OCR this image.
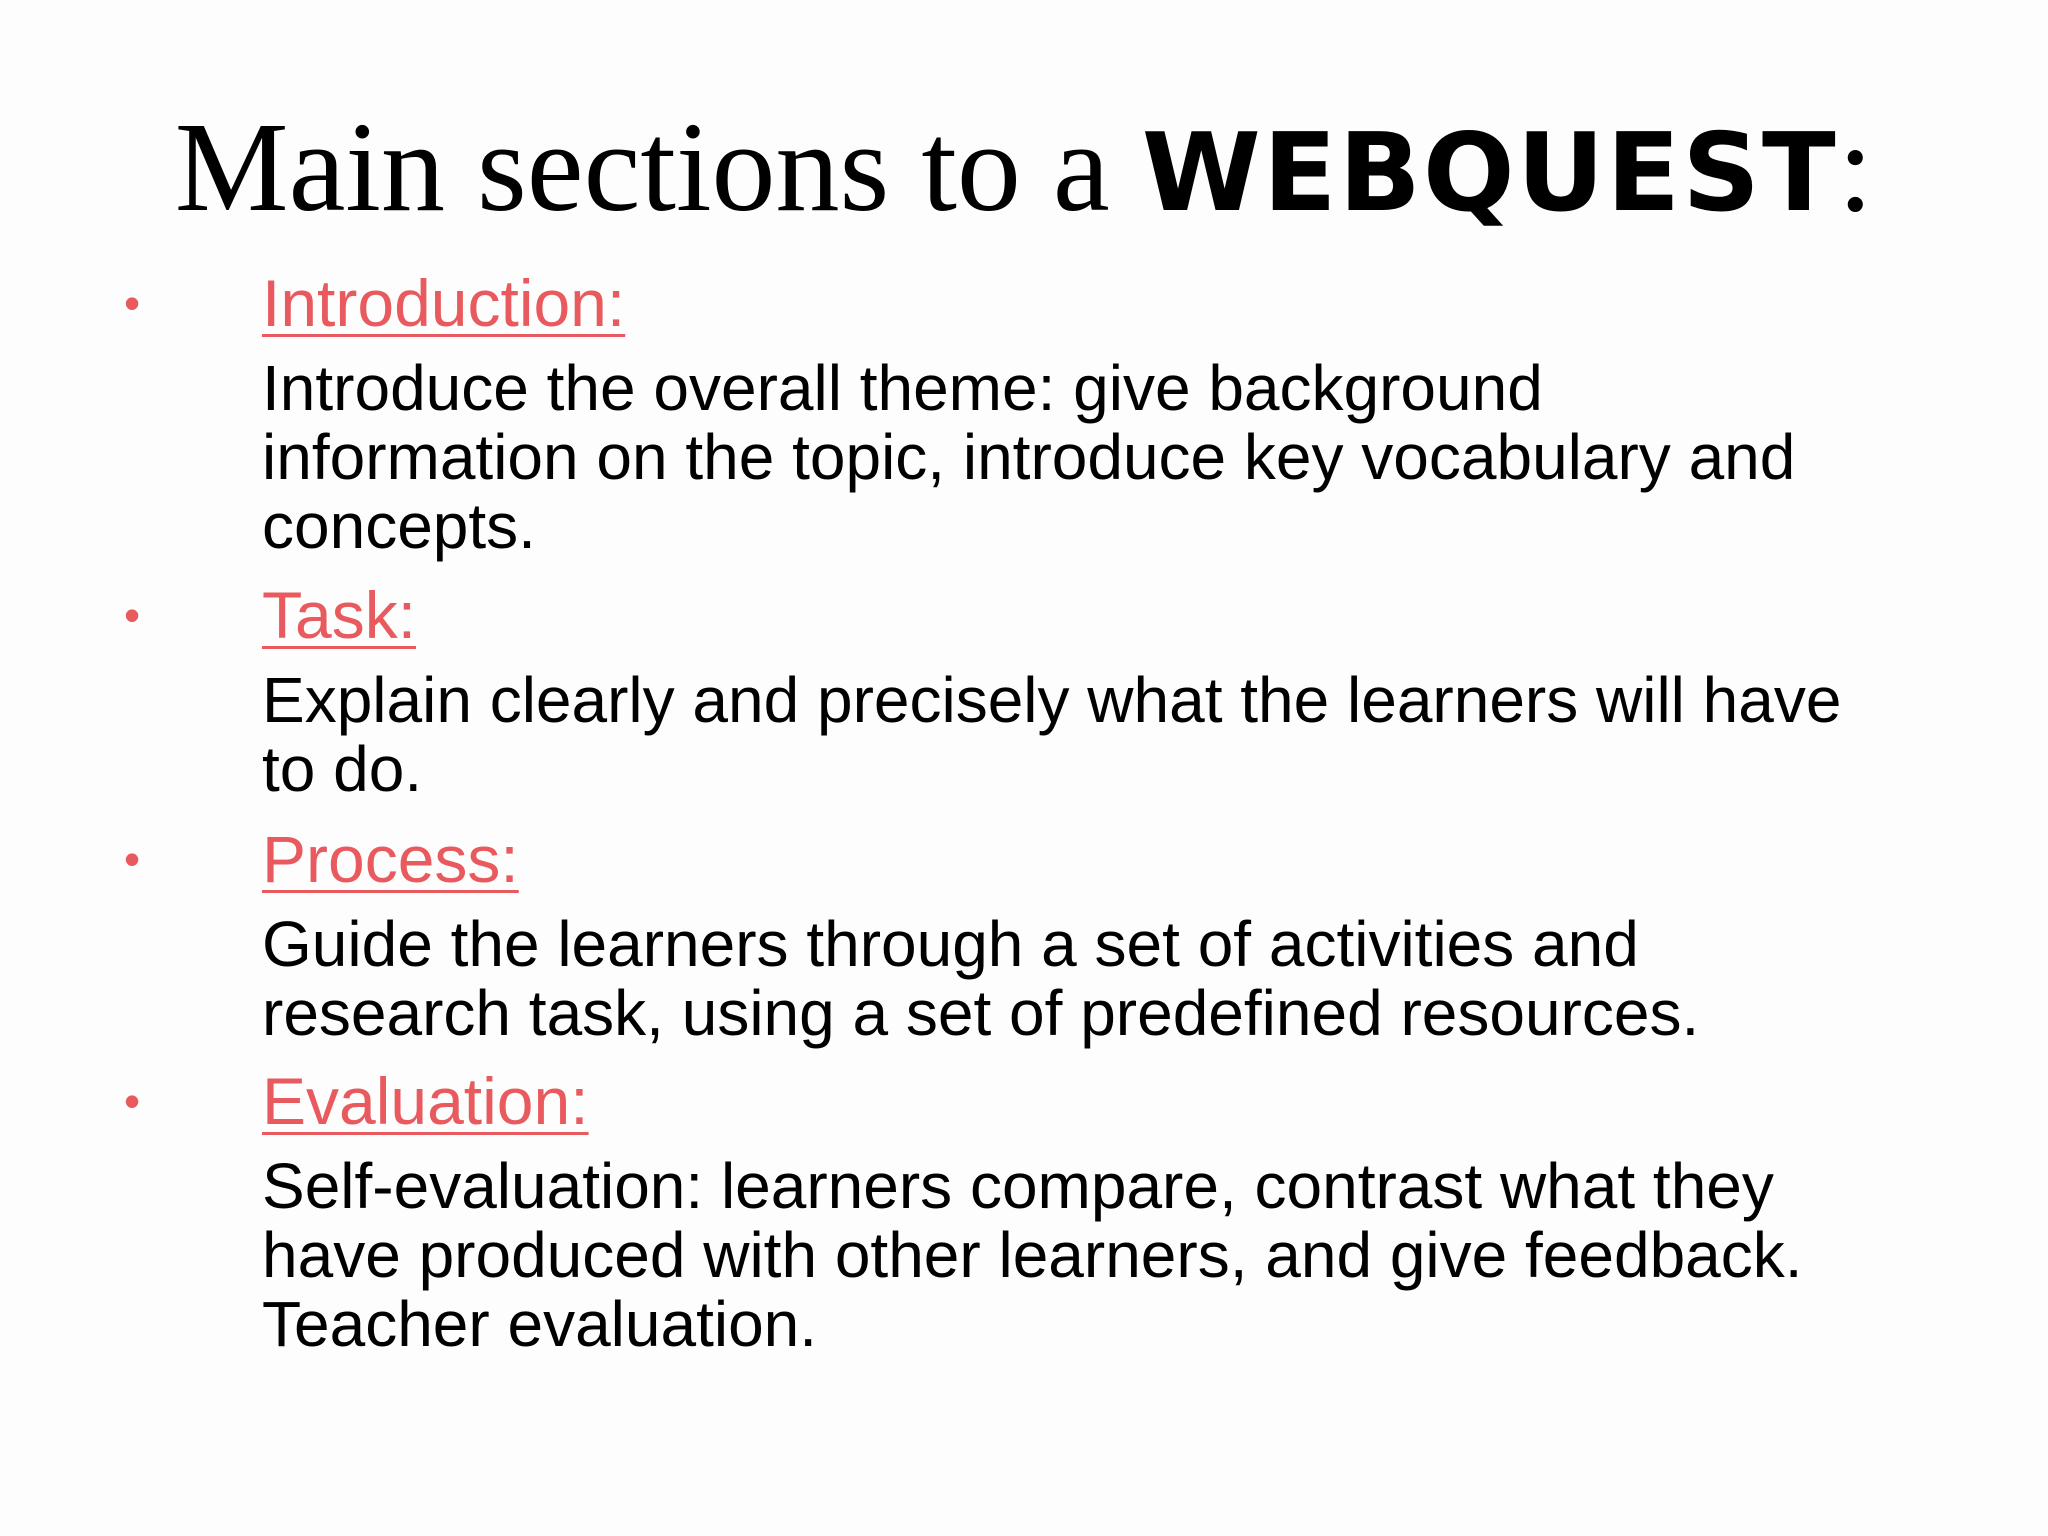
Main sections to a WEBQUEST:
• Introduction:
Introduce the overall theme: give background
information on the topic, introduce key vocabulary and
concepts.
• Task:
Explain clearly and precisely what the learners will have
to do.
• Process:
Guide the learners through a set of activities and
research task, using a set of predefined resources.
• Evaluation:
Self-evaluation: learners compare, contrast what they
have produced with other learners, and give feedback.
Teacher evaluation.
